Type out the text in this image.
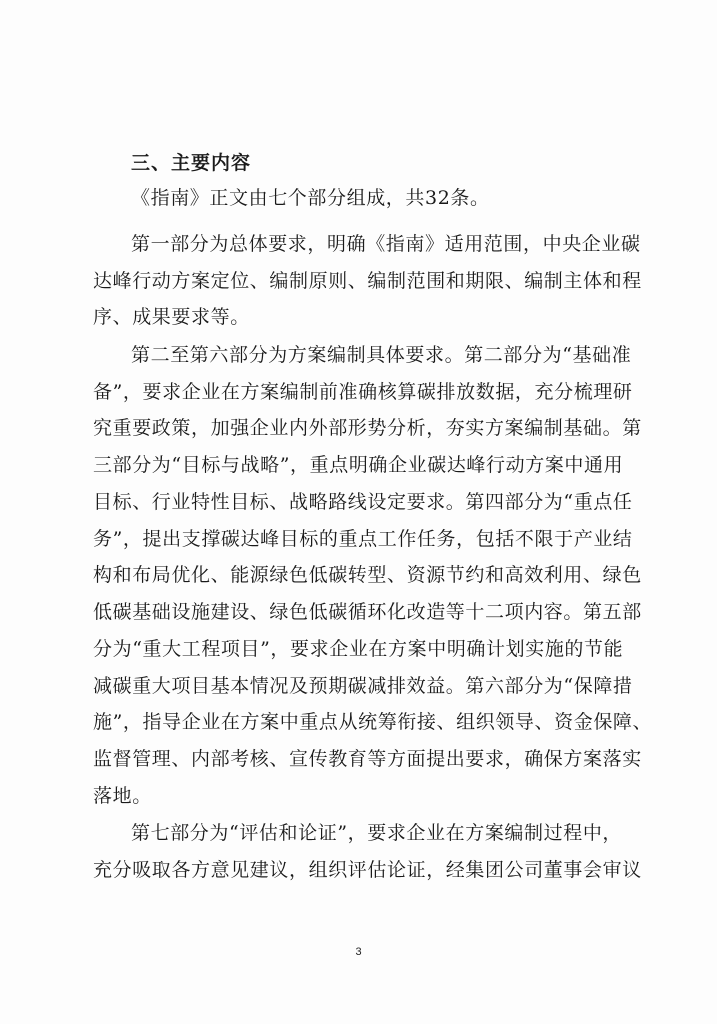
三、主要内容
《指南》正文由七个部分组成，共32条。
第一部分为总体要求，明确《指南》适用范围，中央企业碳
达峰行动方案定位、编制原则、编制范围和期限、编制主体和程
序、成果要求等。
第二至第六部分为方案编制具体要求。第二部分为“基础准
备”，要求企业在方案编制前准确核算碳排放数据，充分梳理研
究重要政策，加强企业内外部形势分析，夯实方案编制基础。第
三部分为“目标与战略”，重点明确企业碳达峰行动方案中通用
目标、行业特性目标、战略路线设定要求。第四部分为“重点任
务”，提出支撑碳达峰目标的重点工作任务，包括不限于产业结
构和布局优化、能源绿色低碳转型、资源节约和高效利用、绿色
低碳基础设施建设、绿色低碳循环化改造等十二项内容。第五部
分为“重大工程项目”，要求企业在方案中明确计划实施的节能
减碳重大项目基本情况及预期碳减排效益。第六部分为“保障措
施”，指导企业在方案中重点从统筹衔接、组织领导、资金保障、
监督管理、内部考核、宣传教育等方面提出要求，确保方案落实
落地。
第七部分为“评估和论证”，要求企业在方案编制过程中，
充分吸取各方意见建议，组织评估论证，经集团公司董事会审议
3
